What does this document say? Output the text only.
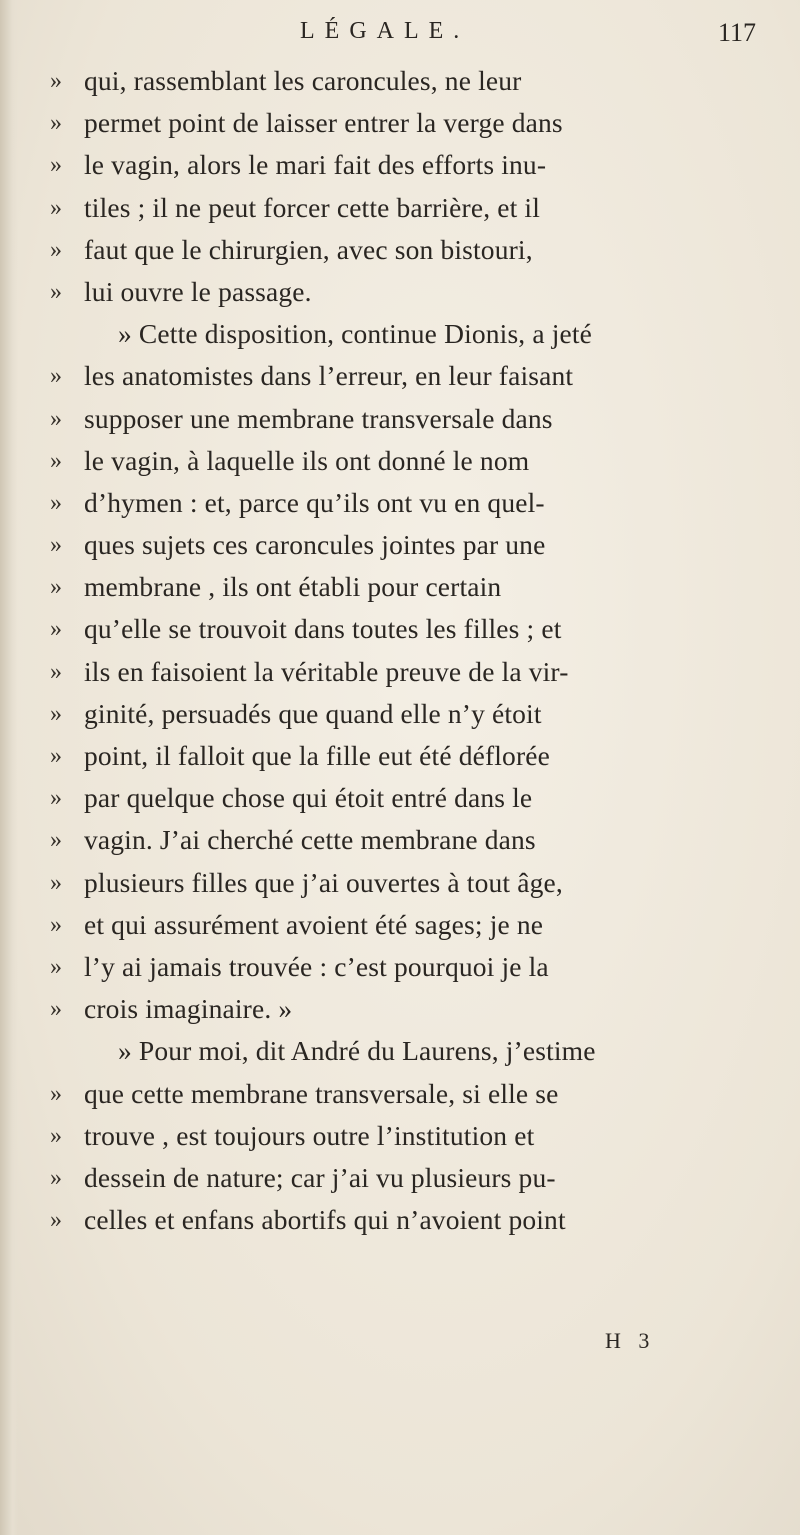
LÉGALE.	117
» qui, rassemblant les caroncules, ne leur
» permet point de laisser entrer la verge dans
» le vagin, alors le mari fait des efforts inu-
» tiles ; il ne peut forcer cette barrière, et il
» faut que le chirurgien, avec son bistouri,
» lui ouvre le passage.
» Cette disposition, continue Dionis, a jeté
» les anatomistes dans l’erreur, en leur faisant
» supposer une membrane transversale dans
» le vagin, à laquelle ils ont donné le nom
» d’hymen : et, parce qu’ils ont vu en quel-
» ques sujets ces caroncules jointes par une
» membrane , ils ont établi pour certain
» qu’elle se trouvoit dans toutes les filles ; et
» ils en faisoient la véritable preuve de la vir-
» ginité, persuadés que quand elle n’y étoit
» point, il falloit que la fille eut été déflorée
» par quelque chose qui étoit entré dans le
» vagin. J’ai cherché cette membrane dans
» plusieurs filles que j’ai ouvertes à tout âge,
» et qui assurément avoient été sages; je ne
» l’y ai jamais trouvée : c’est pourquoi je la
» crois imaginaire. »
» Pour moi, dit André du Laurens, j’estime
» que cette membrane transversale, si elle se
» trouve , est toujours outre l’institution et
» dessein de nature; car j’ai vu plusieurs pu-
» celles et enfans abortifs qui n’avoient point
H 3
